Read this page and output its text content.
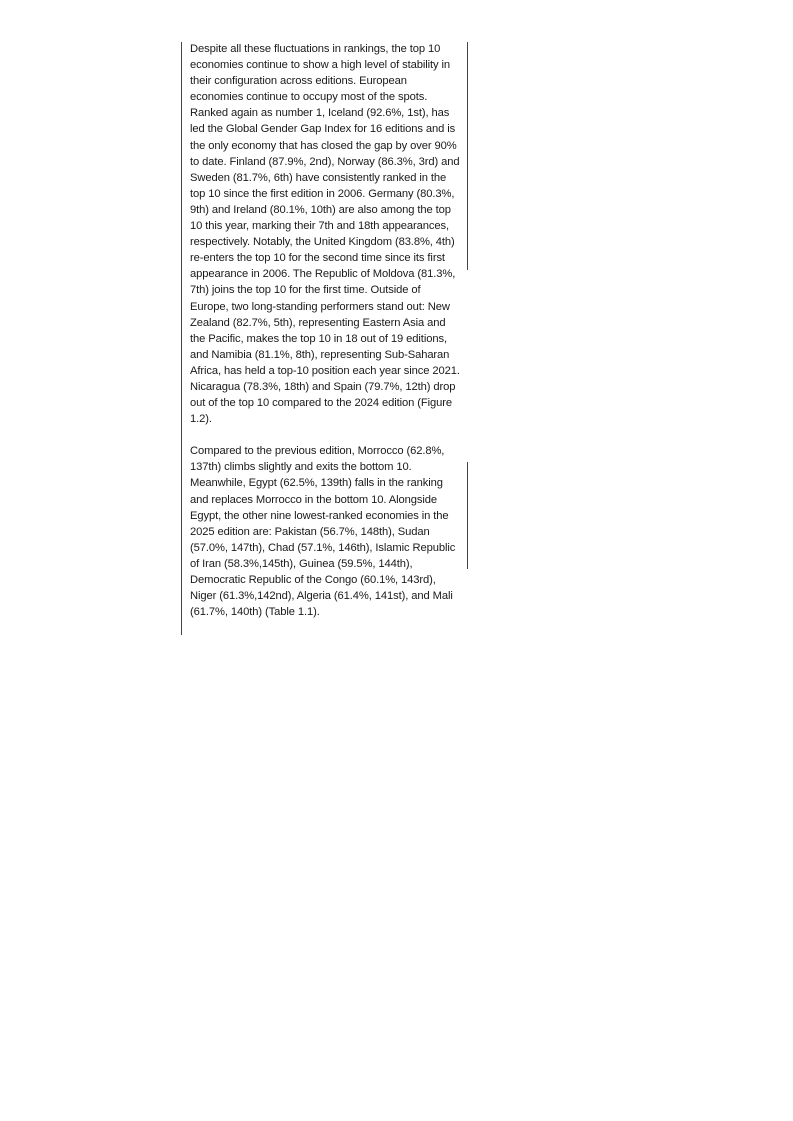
Despite all these fluctuations in rankings, the top 10 economies continue to show a high level of stability in their configuration across editions. European economies continue to occupy most of the spots. Ranked again as number 1, Iceland (92.6%, 1st), has led the Global Gender Gap Index for 16 editions and is the only economy that has closed the gap by over 90% to date. Finland (87.9%, 2nd), Norway (86.3%, 3rd) and Sweden (81.7%, 6th) have consistently ranked in the top 10 since the first edition in 2006. Germany (80.3%, 9th) and Ireland (80.1%, 10th) are also among the top 10 this year, marking their 7th and 18th appearances, respectively. Notably, the United Kingdom (83.8%, 4th) re-enters the top 10 for the second time since its first appearance in 2006. The Republic of Moldova (81.3%, 7th) joins the top 10 for the first time. Outside of Europe, two long-standing performers stand out: New Zealand (82.7%, 5th), representing Eastern Asia and the Pacific, makes the top 10 in 18 out of 19 editions, and Namibia (81.1%, 8th), representing Sub-Saharan Africa, has held a top-10 position each year since 2021. Nicaragua (78.3%, 18th) and Spain (79.7%, 12th) drop out of the top 10 compared to the 2024 edition (Figure 1.2).

Compared to the previous edition, Morrocco (62.8%, 137th) climbs slightly and exits the bottom 10. Meanwhile, Egypt (62.5%, 139th) falls in the ranking and replaces Morrocco in the bottom 10. Alongside Egypt, the other nine lowest-ranked economies in the 2025 edition are: Pakistan (56.7%, 148th), Sudan (57.0%, 147th), Chad (57.1%, 146th), Islamic Republic of Iran (58.3%,145th), Guinea (59.5%, 144th), Democratic Republic of the Congo (60.1%, 143rd), Niger (61.3%,142nd), Algeria (61.4%, 141st), and Mali (61.7%, 140th) (Table 1.1).
